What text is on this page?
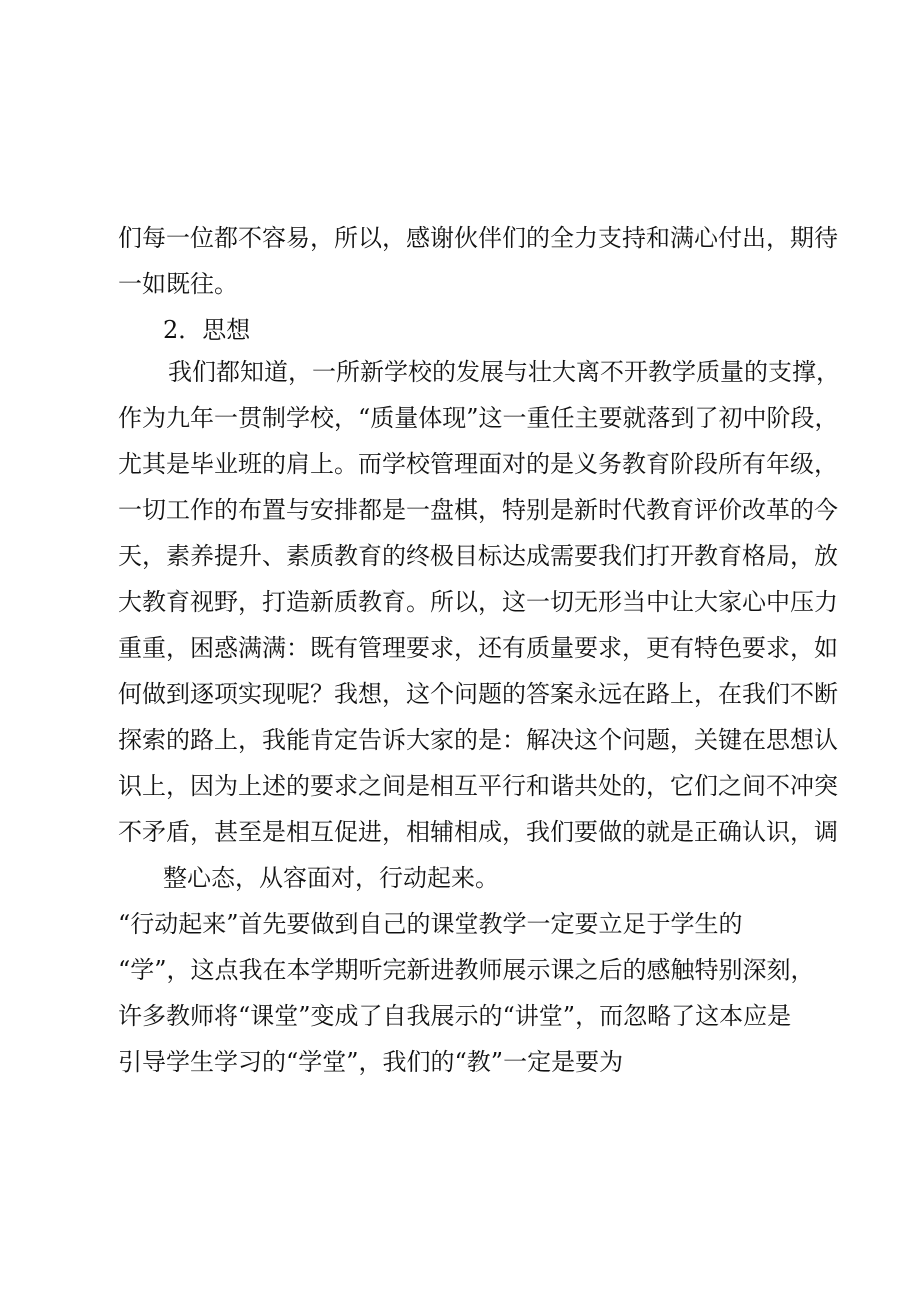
们每一位都不容易，所以，感谢伙伴们的全力支持和满心付出，期待
一如既往。
2．思想
我们都知道，一所新学校的发展与壮大离不开教学质量的支撑，
作为九年一贯制学校，“质量体现”这一重任主要就落到了初中阶段，
尤其是毕业班的肩上。而学校管理面对的是义务教育阶段所有年级，
一切工作的布置与安排都是一盘棋，特别是新时代教育评价改革的今
天，素养提升、素质教育的终极目标达成需要我们打开教育格局，放
大教育视野，打造新质教育。所以，这一切无形当中让大家心中压力
重重，困惑满满：既有管理要求，还有质量要求，更有特色要求，如
何做到逐项实现呢？我想，这个问题的答案永远在路上，在我们不断
探索的路上，我能肯定告诉大家的是：解决这个问题，关键在思想认
识上，因为上述的要求之间是相互平行和谐共处的，它们之间不冲突
不矛盾，甚至是相互促进，相辅相成，我们要做的就是正确认识，调
整心态，从容面对，行动起来。
“行动起来”首先要做到自己的课堂教学一定要立足于学生的
“学”，这点我在本学期听完新进教师展示课之后的感触特别深刻，
许多教师将“课堂”变成了自我展示的“讲堂”，而忽略了这本应是
引导学生学习的“学堂”，我们的“教”一定是要为
